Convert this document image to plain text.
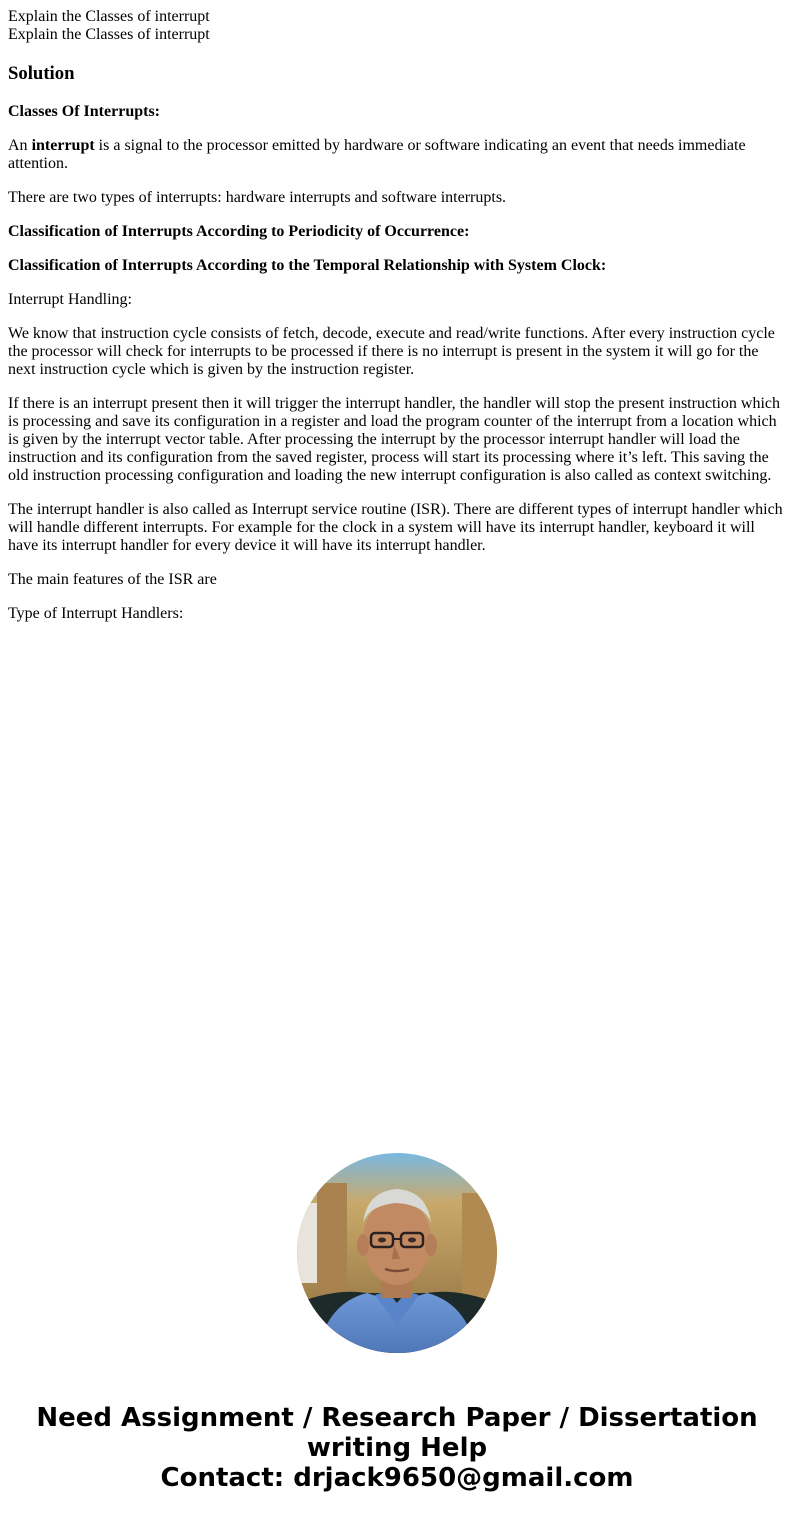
Explain the Classes of interrupt
Explain the Classes of interrupt
Solution

Classes Of Interrupts:

An interrupt is a signal to the processor emitted by hardware or software indicating an event that needs immediate attention.

There are two types of interrupts: hardware interrupts and software interrupts.

Classification of Interrupts According to Periodicity of Occurrence:

Classification of Interrupts According to the Temporal Relationship with System Clock:

Interrupt Handling:

We know that instruction cycle consists of fetch, decode, execute and read/write functions. After every instruction cycle the processor will check for interrupts to be processed if there is no interrupt is present in the system it will go for the next instruction cycle which is given by the instruction register.

If there is an interrupt present then it will trigger the interrupt handler, the handler will stop the present instruction which is processing and save its configuration in a register and load the program counter of the interrupt from a location which is given by the interrupt vector table. After processing the interrupt by the processor interrupt handler will load the instruction and its configuration from the saved register, process will start its processing where it’s left. This saving the old instruction processing configuration and loading the new interrupt configuration is also called as context switching.

The interrupt handler is also called as Interrupt service routine (ISR). There are different types of interrupt handler which will handle different interrupts. For example for the clock in a system will have its interrupt handler, keyboard it will have its interrupt handler for every device it will have its interrupt handler.

The main features of the ISR are

Type of Interrupt Handlers:

Need Assignment / Research Paper / Dissertation
writing Help
Contact: drjack9650@gmail.com
